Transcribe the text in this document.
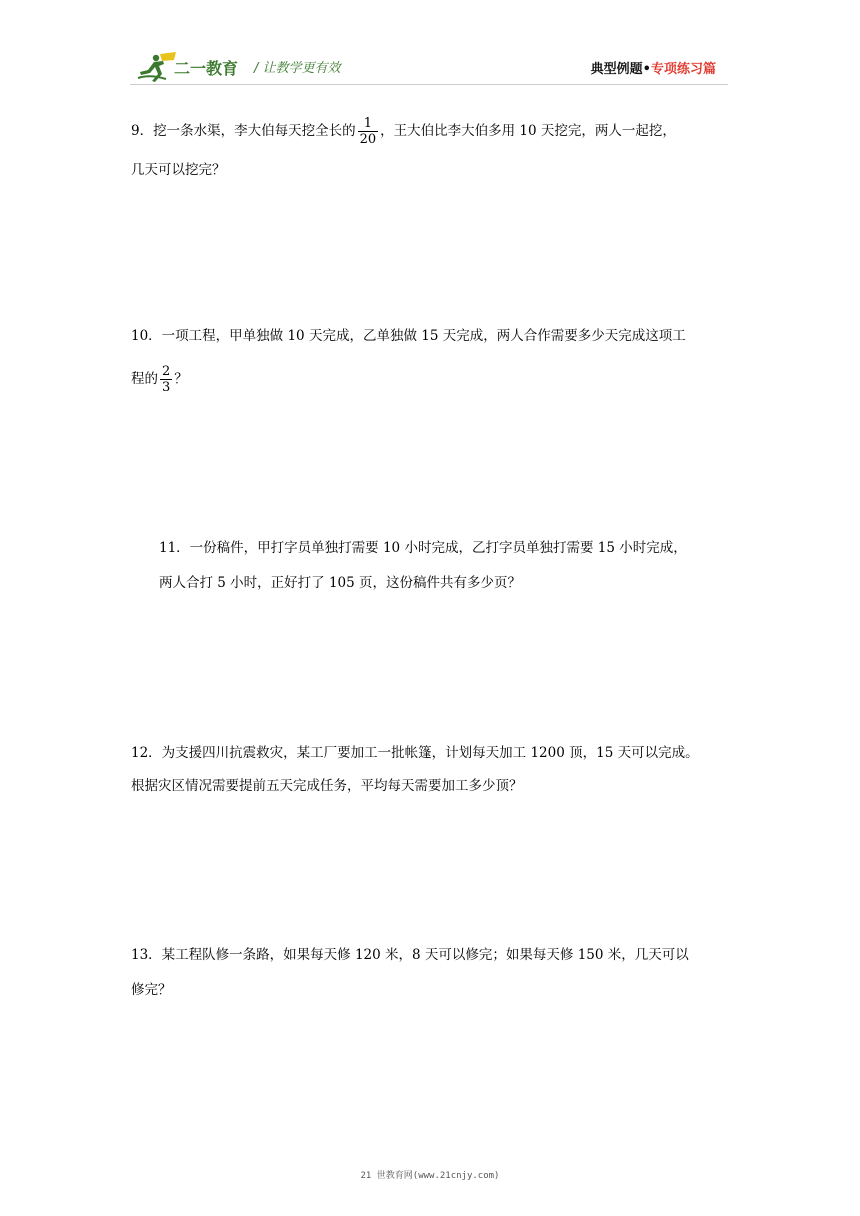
二一教育 / 让教学更有效	典型例题•专项练习篇
9．挖一条水渠，李大伯每天挖全长的 $\frac{1}{20}$ ，王大伯比李大伯多用 10 天挖完，两人一起挖，
几天可以挖完？
10．一项工程，甲单独做 10 天完成，乙单独做 15 天完成，两人合作需要多少天完成这项工
程的 $\frac{2}{3}$ ？
11．一份稿件，甲打字员单独打需要 10 小时完成，乙打字员单独打需要 15 小时完成，
两人合打 5 小时，正好打了 105 页，这份稿件共有多少页？
12．为支援四川抗震救灾，某工厂要加工一批帐篷，计划每天加工 1200 顶，15 天可以完成。
根据灾区情况需要提前五天完成任务，平均每天需要加工多少顶？
13．某工程队修一条路，如果每天修 120 米，8 天可以修完；如果每天修 150 米，几天可以
修完？
21 世教育网(www.21cnjy.com)
